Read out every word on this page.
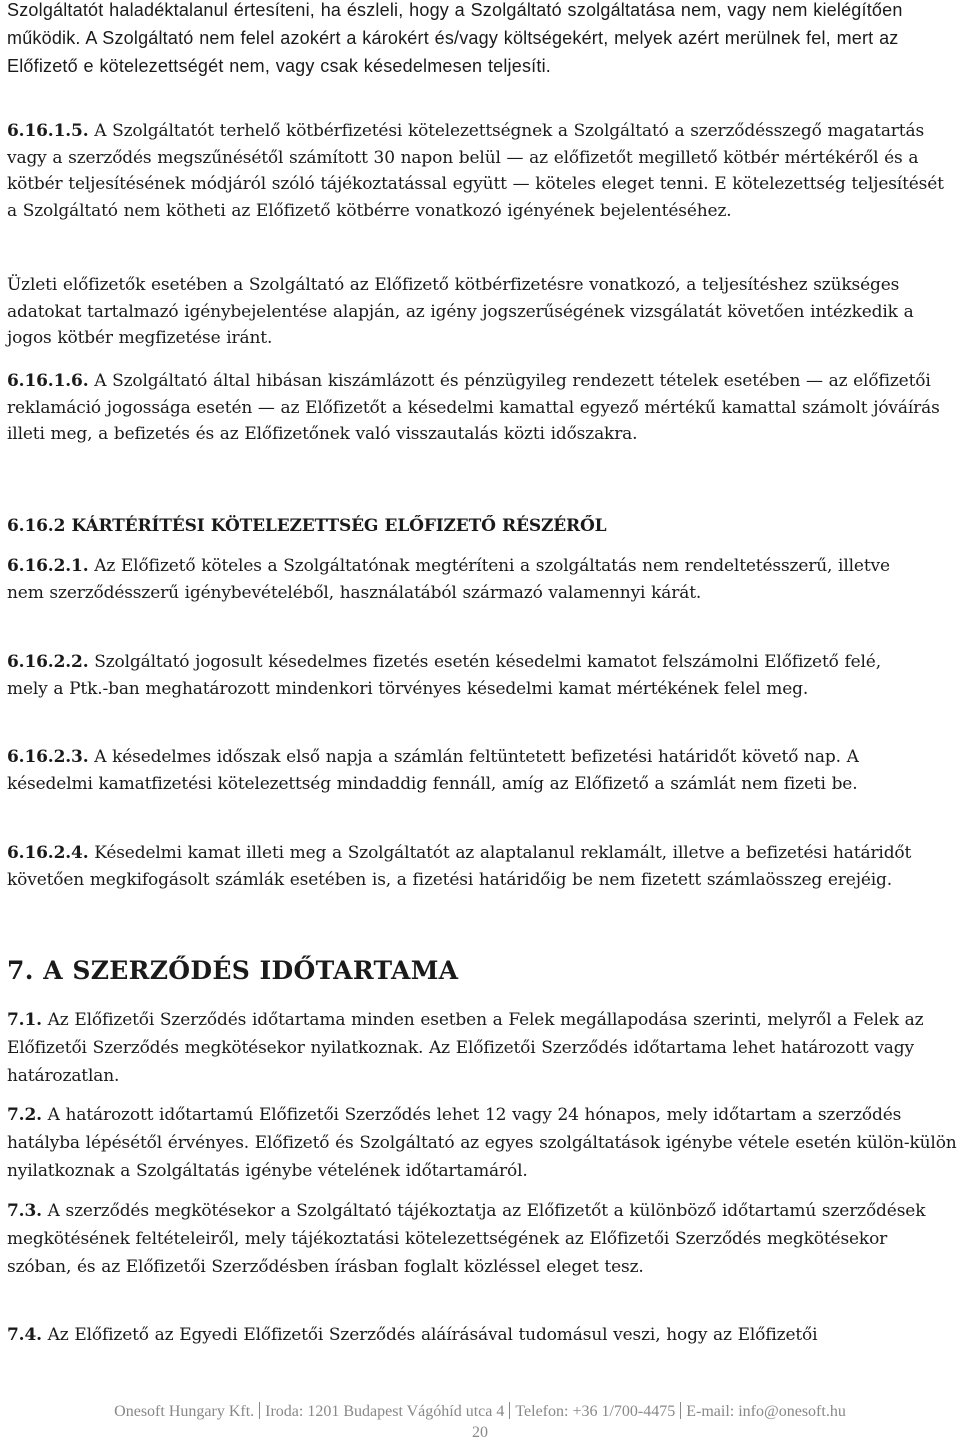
Szolgáltatót haladéktalanul értesíteni, ha észleli, hogy a Szolgáltató szolgáltatása nem, vagy nem kielégítően működik. A Szolgáltató nem felel azokért a károkért és/vagy költségekért, melyek azért merülnek fel, mert az Előfizető e kötelezettségét nem, vagy csak késedelmesen teljesíti.

6.16.1.5. A Szolgáltatót terhelő kötbérfizetési kötelezettségnek a Szolgáltató a szerződésszegő magatartás vagy a szerződés megszűnésétől számított 30 napon belül — az előfizetőt megillető kötbér mértékéről és a kötbér teljesítésének módjáról szóló tájékoztatással együtt — köteles eleget tenni. E kötelezettség teljesítését a Szolgáltató nem kötheti az Előfizető kötbérre vonatkozó igényének bejelentéséhez.

Üzleti előfizetők esetében a Szolgáltató az Előfizető kötbérfizetésre vonatkozó, a teljesítéshez szükséges adatokat tartalmazó igénybejelentése alapján, az igény jogszerűségének vizsgálatát követően intézkedik a jogos kötbér megfizetése iránt.

6.16.1.6. A Szolgáltató által hibásan kiszámlázott és pénzügyileg rendezett tételek esetében — az előfizetői reklamáció jogossága esetén — az Előfizetőt a késedelmi kamattal egyező mértékű kamattal számolt jóváírás illeti meg, a befizetés és az Előfizetőnek való visszautalás közti időszakra.

6.16.2 KÁRTÉRÍTÉSI KÖTELEZETTSÉG ELŐFIZETŐ RÉSZÉRŐL

6.16.2.1. Az Előfizető köteles a Szolgáltatónak megtéríteni a szolgáltatás nem rendeltetésszerű, illetve nem szerződésszerű igénybevételéből, használatából származó valamennyi kárát.

6.16.2.2. Szolgáltató jogosult késedelmes fizetés esetén késedelmi kamatot felszámolni Előfizető felé, mely a Ptk.-ban meghatározott mindenkori törvényes késedelmi kamat mértékének felel meg.

6.16.2.3. A késedelmes időszak első napja a számlán feltüntetett befizetési határidőt követő nap. A késedelmi kamatfizetési kötelezettség mindaddig fennáll, amíg az Előfizető a számlát nem fizeti be.

6.16.2.4. Késedelmi kamat illeti meg a Szolgáltatót az alaptalanul reklamált, illetve a befizetési határidőt követően megkifogásolt számlák esetében is, a fizetési határidőig be nem fizetett számlaösszeg erejéig.

7. A SZERZŐDÉS IDŐTARTAMA

7.1. Az Előfizetői Szerződés időtartama minden esetben a Felek megállapodása szerinti, melyről a Felek az Előfizetői Szerződés megkötésekor nyilatkoznak. Az Előfizetői Szerződés időtartama lehet határozott vagy határozatlan.

7.2. A határozott időtartamú Előfizetői Szerződés lehet 12 vagy 24 hónapos, mely időtartam a szerződés hatályba lépésétől érvényes. Előfizető és Szolgáltató az egyes szolgáltatások igénybe vétele esetén külön-külön nyilatkoznak a Szolgáltatás igénybe vételének időtartamáról.

7.3. A szerződés megkötésekor a Szolgáltató tájékoztatja az Előfizetőt a különböző időtartamú szerződések megkötésének feltételeiről, mely tájékoztatási kötelezettségének az Előfizetői Szerződés megkötésekor szóban, és az Előfizetői Szerződésben írásban foglalt közléssel eleget tesz.

7.4. Az Előfizető az Egyedi Előfizetői Szerződés aláírásával tudomásul veszi, hogy az Előfizetői

Onesoft Hungary Kft. Iroda: 1201 Budapest Vágóhíd utca 4 Telefon: +36 1/700-4475 E-mail: info@onesoft.hu
20
